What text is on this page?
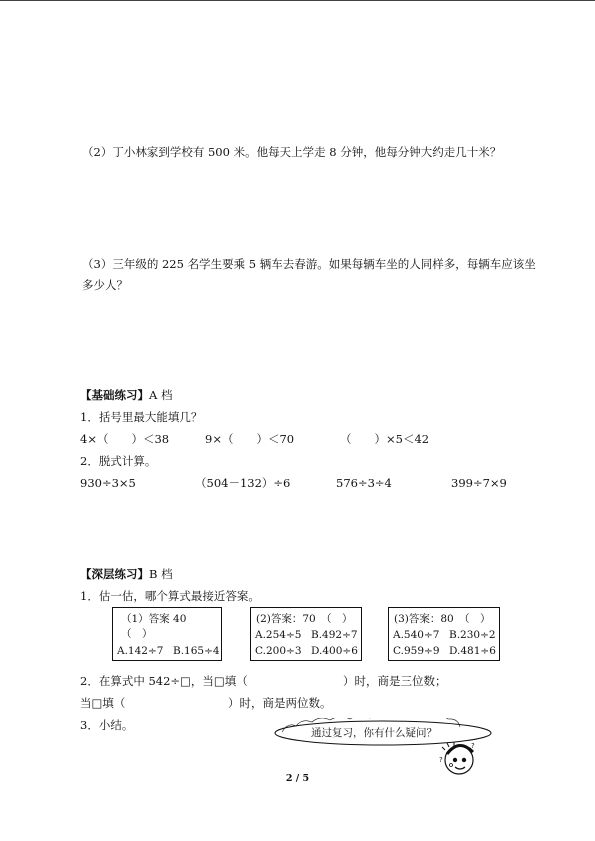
（2）丁小林家到学校有 500 米。他每天上学走 8 分钟，他每分钟大约走几十米？
（3）三年级的 225 名学生要乘 5 辆车去春游。如果每辆车坐的人同样多，每辆车应该坐
多少人？
【基础练习】A 档
1．括号里最大能填几？
4×（　　）＜38	9×（　　）＜70	（　　）×5＜42
2．脱式计算。
930÷3×5	（504－132）÷6	576÷3÷4	399÷7×9
【深层练习】B 档
1．估一估，哪个算式最接近答案。
（1）答案 40
（　）
A.142÷7 B.165÷4
(2)答案：70　（　）
A.254÷5 B.492÷7
C.200÷3 D.400÷6
(3)答案：80　（　）
A.540÷7 B.230÷2
C.959÷9 D.481÷6
2．在算式中 542÷□，当□填（	）时，商是三位数；
当□填（	）时，商是两位数。
3．小结。
通过复习，你有什么疑问？
?
?
2 / 5
